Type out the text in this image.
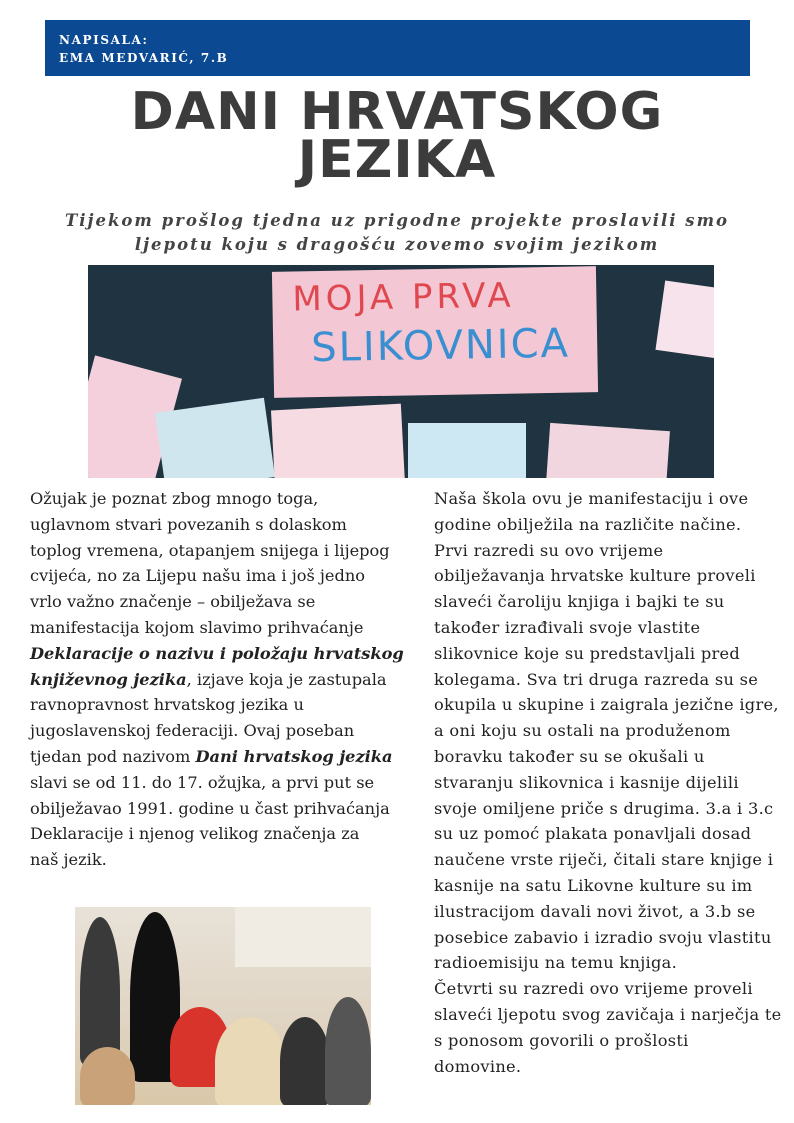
NAPISALA:
EMA MEDVARIĆ, 7.B
DANI HRVATSKOG
JEZIKA
Tijekom prošlog tjedna uz prigodne projekte proslavili smo
ljepotu koju s dragošću zovemo svojim jezikom
MOJA PRVA
SLIKOVNICA
Ožujak je poznat zbog mnogo toga,
uglavnom stvari povezanih s dolaskom
toplog vremena, otapanjem snijega i lijepog
cvijeća, no za Lijepu našu ima i još jedno
vrlo važno značenje – obilježava se
manifestacija kojom slavimo prihvaćanje
Deklaracije o nazivu i položaju hrvatskog
književnog jezika, izjave koja je zastupala
ravnopravnost hrvatskog jezika u
jugoslavenskoj federaciji. Ovaj poseban
tjedan pod nazivom Dani hrvatskog jezika
slavi se od 11. do 17. ožujka, a prvi put se
obilježavao 1991. godine u čast prihvaćanja
Deklaracije i njenog velikog značenja za
naš jezik.
Naša škola ovu je manifestaciju i ove
godine obilježila na različite načine.
Prvi razredi su ovo vrijeme
obilježavanja hrvatske kulture proveli
slaveći čaroliju knjiga i bajki te su
također izrađivali svoje vlastite
slikovnice koje su predstavljali pred
kolegama. Sva tri druga razreda su se
okupila u skupine i zaigrala jezične igre,
a oni koju su ostali na produženom
boravku također su se okušali u
stvaranju slikovnica i kasnije dijelili
svoje omiljene priče s drugima. 3.a i 3.c
su uz pomoć plakata ponavljali dosad
naučene vrste riječi, čitali stare knjige i
kasnije na satu Likovne kulture su im
ilustracijom davali novi život, a 3.b se
posebice zabavio i izradio svoju vlastitu
radioemisiju na temu knjiga.
Četvrti su razredi ovo vrijeme proveli
slaveći ljepotu svog zavičaja i narječja te
s ponosom govorili o prošlosti
domovine.
